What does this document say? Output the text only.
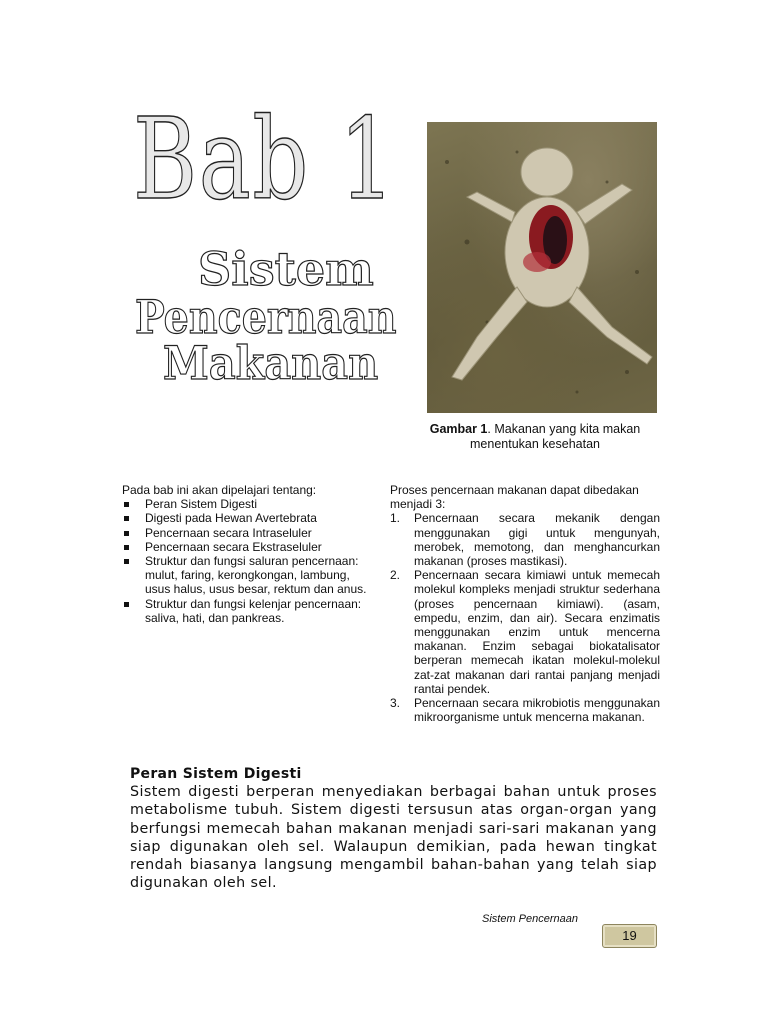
Bab 1
Sistem
Pencernaan
Makanan
Gambar 1. Makanan yang kita makan
menentukan kesehatan
Pada bab ini akan dipelajari tentang:
Peran Sistem Digesti
Digesti pada Hewan Avertebrata
Pencernaan secara Intraseluler
Pencernaan secara Ekstraseluler
Struktur dan fungsi saluran pencernaan: mulut, faring, kerongkongan, lambung, usus halus, usus besar, rektum dan anus.
Struktur dan fungsi kelenjar pencernaan: saliva, hati, dan pankreas.
Proses pencernaan makanan dapat dibedakan menjadi 3:
1. Pencernaan secara mekanik dengan menggunakan gigi untuk mengunyah, merobek, memotong, dan menghancurkan makanan (proses mastikasi).
2. Pencernaan secara kimiawi untuk memecah molekul kompleks menjadi struktur sederhana (proses pencernaan kimiawi). (asam, empedu, enzim, dan air). Secara enzimatis menggunakan enzim untuk mencerna makanan. Enzim sebagai biokatalisator berperan memecah ikatan molekul-molekul zat-zat makanan dari rantai panjang menjadi rantai pendek.
3. Pencernaan secara mikrobiotis menggunakan mikroorganisme untuk mencerna makanan.
Peran Sistem Digesti

Sistem digesti berperan menyediakan berbagai bahan untuk proses metabolisme tubuh. Sistem digesti tersusun atas organ-organ yang berfungsi memecah bahan makanan menjadi sari-sari makanan yang siap digunakan oleh sel. Walaupun demikian, pada hewan tingkat rendah biasanya langsung mengambil bahan-bahan yang telah siap digunakan oleh sel.

Sistem Pencernaan
19
